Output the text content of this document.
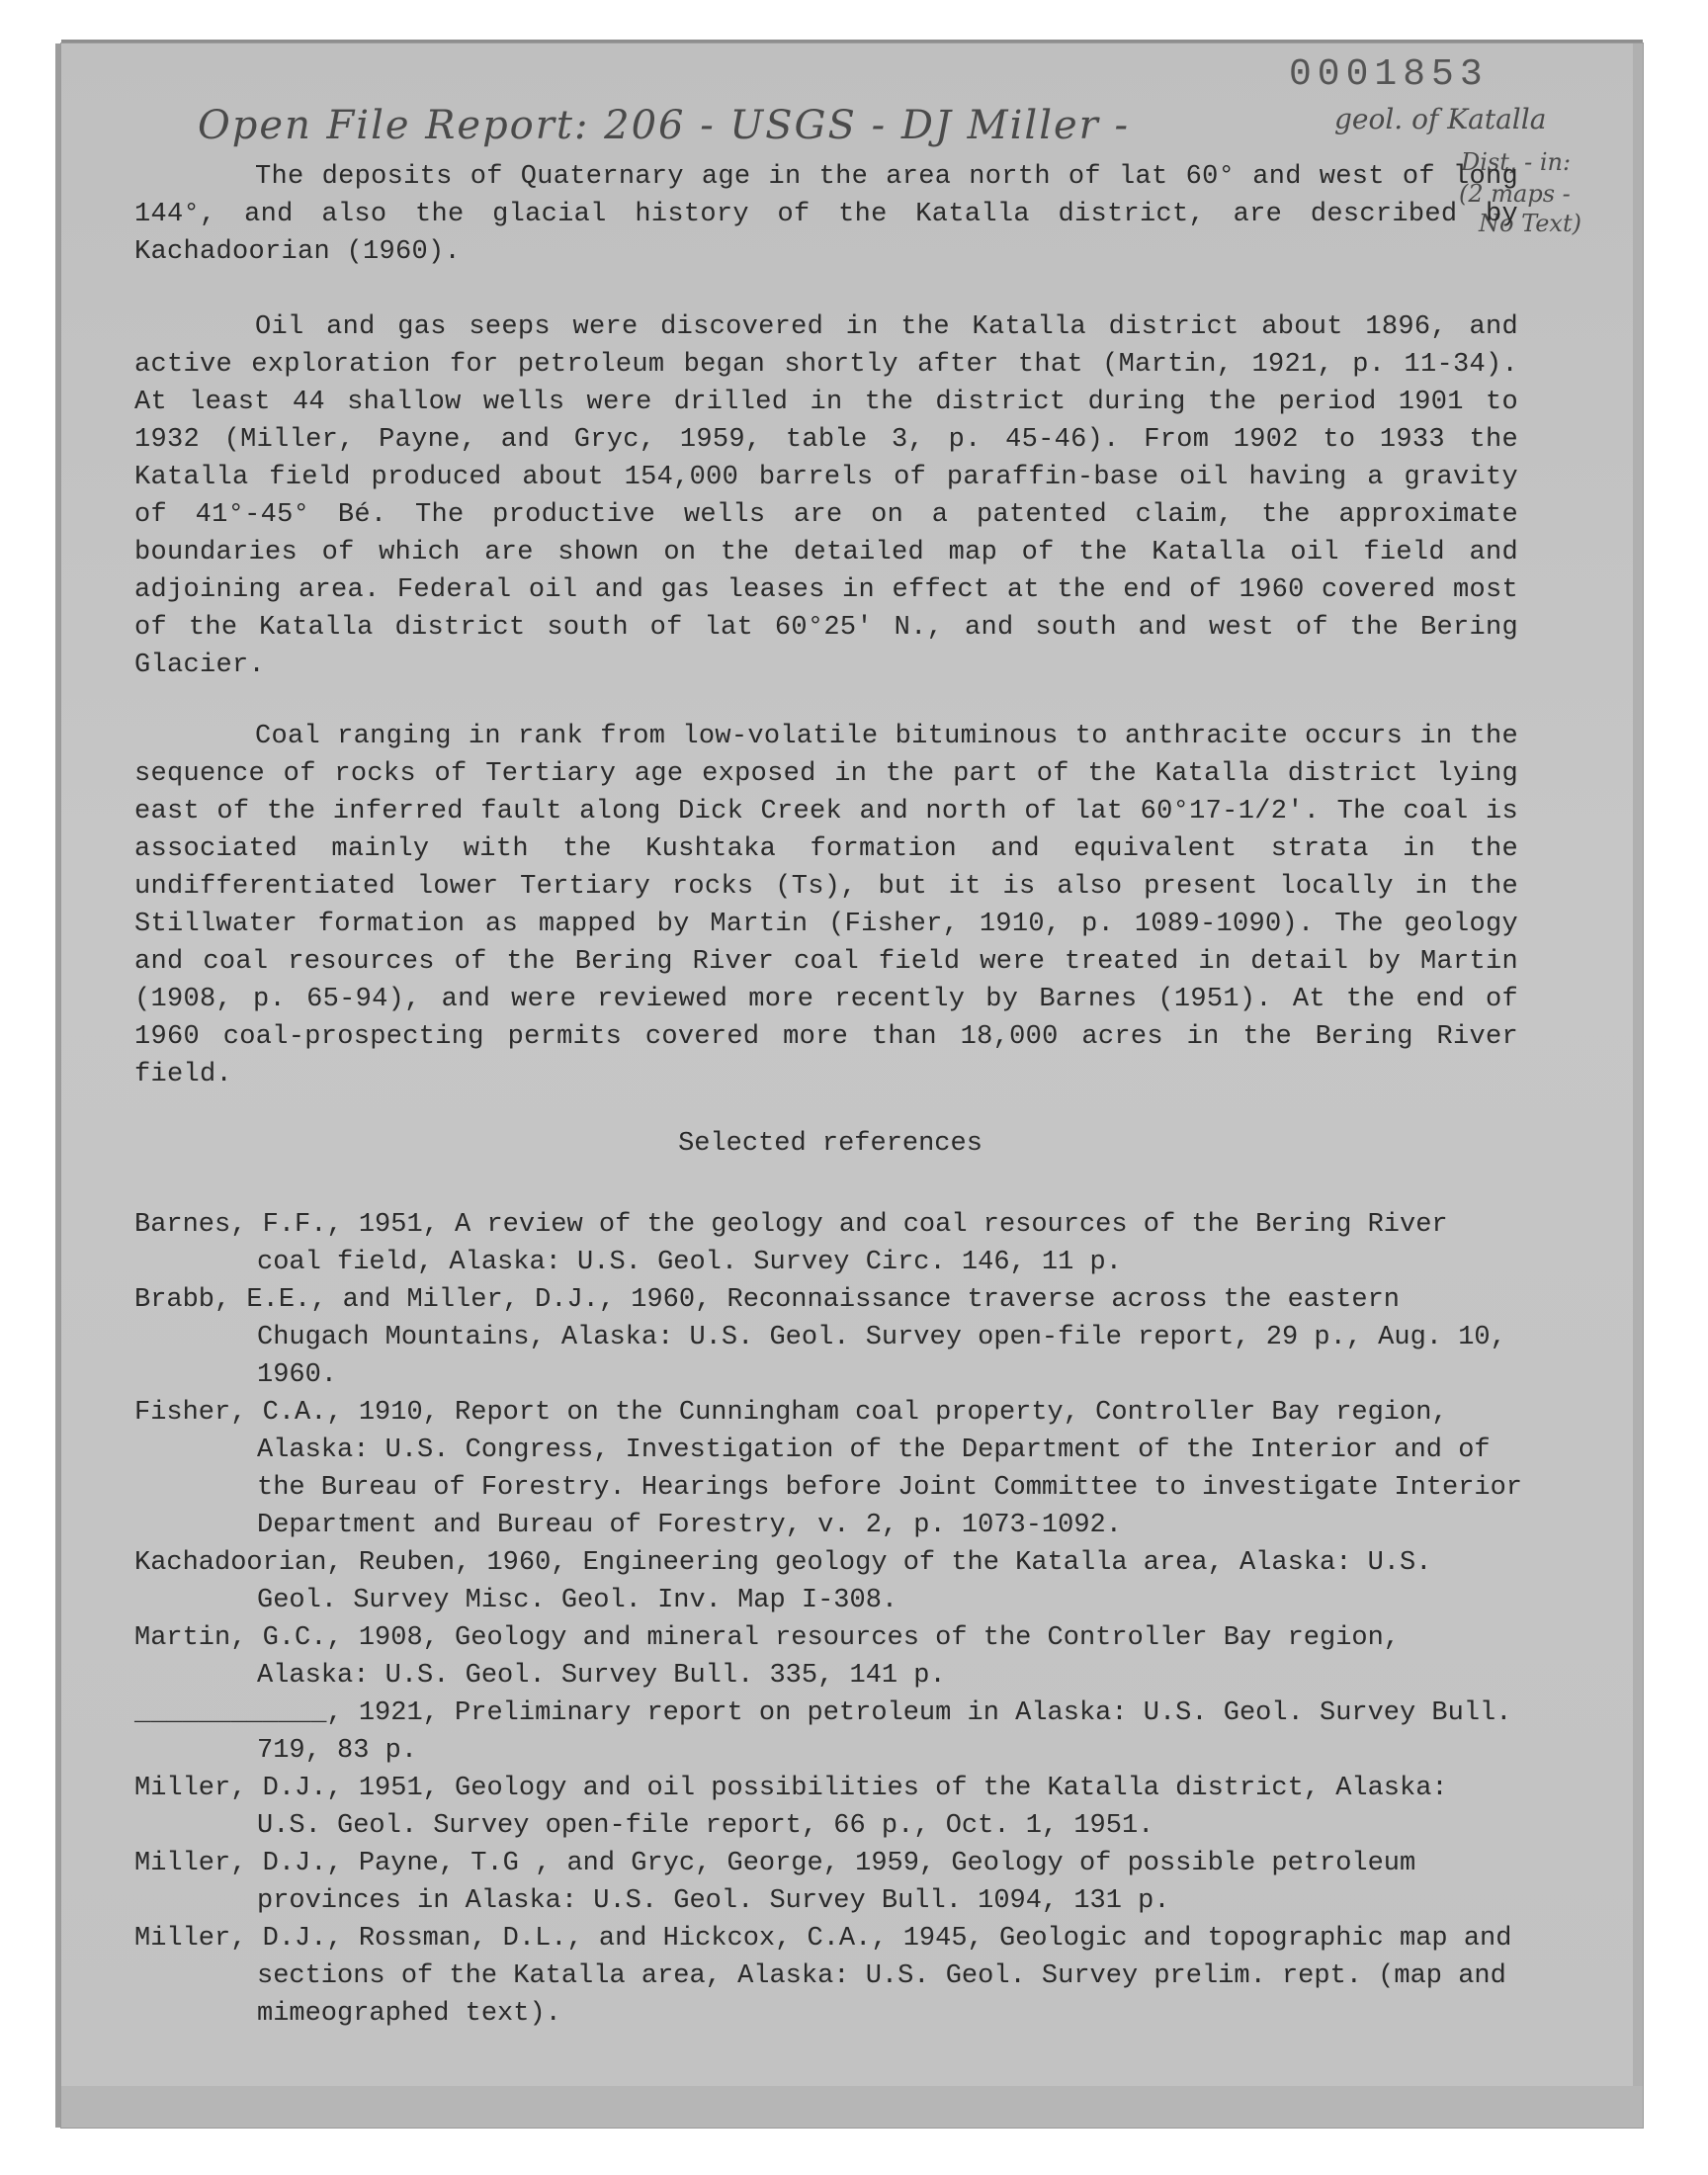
0001853
Open File Report: 206 - USGS - DJ Miller -	geol. of Katalla
Dist, - in:
(2 maps -
No Text)

The deposits of Quaternary age in the area north of lat 60° and west of long 144°, and also the glacial history of the Katalla district, are described by Kachadoorian (1960).

Oil and gas seeps were discovered in the Katalla district about 1896, and active exploration for petroleum began shortly after that (Martin, 1921, p. 11-34). At least 44 shallow wells were drilled in the district during the period 1901 to 1932 (Miller, Payne, and Gryc, 1959, table 3, p. 45-46). From 1902 to 1933 the Katalla field produced about 154,000 barrels of paraffin-base oil having a gravity of 41°-45° Bé. The productive wells are on a patented claim, the approximate boundaries of which are shown on the detailed map of the Katalla oil field and adjoining area. Federal oil and gas leases in effect at the end of 1960 covered most of the Katalla district south of lat 60°25' N., and south and west of the Bering Glacier.

Coal ranging in rank from low-volatile bituminous to anthracite occurs in the sequence of rocks of Tertiary age exposed in the part of the Katalla district lying east of the inferred fault along Dick Creek and north of lat 60°17-1/2'. The coal is associated mainly with the Kushtaka formation and equivalent strata in the undifferentiated lower Tertiary rocks (Ts), but it is also present locally in the Stillwater formation as mapped by Martin (Fisher, 1910, p. 1089-1090). The geology and coal resources of the Bering River coal field were treated in detail by Martin (1908, p. 65-94), and were reviewed more recently by Barnes (1951). At the end of 1960 coal-prospecting permits covered more than 18,000 acres in the Bering River field.

Selected references
Barnes, F.F., 1951, A review of the geology and coal resources of the Bering River coal field, Alaska: U.S. Geol. Survey Circ. 146, 11 p.
Brabb, E.E., and Miller, D.J., 1960, Reconnaissance traverse across the eastern Chugach Mountains, Alaska: U.S. Geol. Survey open-file report, 29 p., Aug. 10, 1960.
Fisher, C.A., 1910, Report on the Cunningham coal property, Controller Bay region, Alaska: U.S. Congress, Investigation of the Department of the Interior and of the Bureau of Forestry. Hearings before Joint Committee to investigate Interior Department and Bureau of Forestry, v. 2, p. 1073-1092.
Kachadoorian, Reuben, 1960, Engineering geology of the Katalla area, Alaska: U.S. Geol. Survey Misc. Geol. Inv. Map I-308.
Martin, G.C., 1908, Geology and mineral resources of the Controller Bay region, Alaska: U.S. Geol. Survey Bull. 335, 141 p.
____________, 1921, Preliminary report on petroleum in Alaska: U.S. Geol. Survey Bull. 719, 83 p.
Miller, D.J., 1951, Geology and oil possibilities of the Katalla district, Alaska: U.S. Geol. Survey open-file report, 66 p., Oct. 1, 1951.
Miller, D.J., Payne, T.G , and Gryc, George, 1959, Geology of possible petroleum provinces in Alaska: U.S. Geol. Survey Bull. 1094, 131 p.
Miller, D.J., Rossman, D.L., and Hickcox, C.A., 1945, Geologic and topographic map and sections of the Katalla area, Alaska: U.S. Geol. Survey prelim. rept. (map and mimeographed text).
